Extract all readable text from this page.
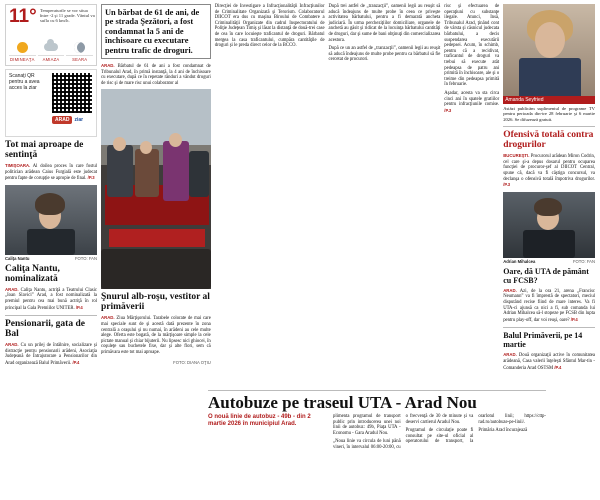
11° Temperaturile se vor situa între -2 şi 11 grade. Vântul va sufla cu 6 km/h.
DIMINEAŢA	AMIAZA	SEARA
Scanaţi QR pentru a avea acces la ziar
ARAD	ziar
Tot mai aproape de sentinţă

TIMIŞOARA. Al doilea proces în care fostul politician arădean Caius Furgială este judecat pentru fapte de corupţie se apropie de final. /P.3

Caliţa Nantu	FOTO: FAN
Caliţa Nantu, nominalizată

ARAD. Caliţa Nantu, actriţă a Teatrului Clasic „Ioan Slavici” Arad, a fost nominalizată la premiul pentru cea mai bună actriţă în rol principal la Gala Premiilor UNITER. /P.4

Pensionarii, gata de Bal

ARAD. Cu un prilej de întâlnire, socializare şi distracţie pentru pensionarii arădeni, Asociaţia Judeţeană de Întrajutorare a Pensionarilor din Arad organizează Balul Primăverii. /P.4

Un bărbat de 61 de ani, de pe strada Şezători, a fost condamnat la 5 ani de închisoare cu executare pentru trafic de droguri.

ARAD. Bărbatul de 61 de ani a fost condamnat de Tribunalul Arad, în primă instanţă, la 4 ani de închisoare cu executare, după ce în repetate rânduri a vândut droguri de risc şi de mare risc unui colaborator al

Şnurul alb-roşu, vestitor al primăverii

ARAD. Ziua Mărţişorului. Tarabele colorate de mai care mai speciale sunt de şi acestă dată prezente în zona centrală a oraşului şi nu numai, în arădeni au cele multe alege. Oferta este bogată, de la mărţişoare simple la cele pictate manual şi chiar bijuterii. Nu lipsesc nici ghiocei, în coşuleţe sau buchetele fixe, dar şi alte flori, sem că primăvara este tot mai aproape.

FOTO: DIANA OŢIU

Direcţiei de Investigare a Infracţionalităţii Infracţiunilor de Criminalitate Organizată şi Terorism. Colaboratorul DIICOT era dus cu maşina Biroului de Combatere a Criminalităţii Organizate din cadrul Inspectoratului de Poliţie Judeţean Timiş şi lăsat la distanţă de două-trei case de cea în care locuieşte traficantul de droguri. Bărbatul mergea la casa traficantului, cumpăra cantităţile de droguri şi le preda direct celor de la BCCO.

După trei astfel de „tranzacţii”, oamenii legii au reuşit să aducă îndeajuns de multe probe în ceea ce priveşte activitatea bărbatului, pentru a fi demarată ancheta judiciară. În urma percheziţiilor domiciliare, organele de anchetă au găsit şi ridicat de la locuinţa bărbatului cantităţi de droguri, dar şi sume de bani obţinuţi din comercializarea acestora.

După ce un an astfel de „tranzacţii”, oamenii legii au reuşit să aducă îndeajuns de multe probe pentru ca bărbatul să fie cercetat de procurori.

risc şi efectuarea de operaţiuni cu substanţe ilegale. Atunci, Insă, Tribunalul Arad, ţinând cont de vârsta şi căsnicul judecata bărbatului, a decis suspendarea executării pedepsei. Acum, în schimb, pentru că a recidivat, traficantul de droguri va trebui să execute atât pedeapsa de patru ani primită în închisoare, ale şi o treime din pedeapsa primită în februarie.

Aşadar, acesta va sta circa cinci ani în spatele gratiilor pentru infracţiunile comise. /P.3

Amanda Seyfried

Astăzi publicăm suplimentul de programe TV pentru perioada din-tre 28 februarie şi 6 martie 2026. Se difuzează gratuit.

Ofensivă totală contra drogurilor

BUCUREŞTI. Procurorul arădean Miron Codrin, cel care şi-a depus dosarul pentru ocuparea funcţiei de procuror-şef al DIICOT Central, spune că, dacă va fi câştiga concursul, va declanşa o ofensivă totală împotriva drogurilor. /P.3

Adrian Mihalcea	FOTO: FAN
Oare, dă UTA de pământ cu FCSB?

ARAD. Azi, de la ora 21, arena „Francisc Neumann” va fi împrestă de spectatori, meciul disputând recise fiind de mare interes. Va fi UTA-ci ajunsă ca nici a fi, sub comanda lui Adrian Mihalcea să-l stopeze pe FCSB din lupta pentru play-off, dar voi reuşi, oare? /P.4

Balul Primăverii, pe 14 martie

ARAD. Două organizaţii active în comunitatea arădeană, Casa valerii înţeleşti Sfântul Mar-tin - Comanderia Arad OSTSM /P.4

Autobuze pe traseul UTA - Arad Nou
O nouă linie de autobuz - 49b - din 2 martie 2026 în municipiul Arad.

plimenta programul de transport public prin introducerea unei noi linii de autobuz: 49b, Piaţa UTA - Economu - Gara Aradul Nou.

„Noua linie va circula de luni până vineri, în intervalul 06:00-20:00, cu o frecvenţă de 30 de minute şi va deservi cartierul Aradul Nou.

Programul de circulaţie poate fi consultat pe site-ul oficial al operatorului de transport, la orarlotul linii; https://cttp-rad.ro/autobuze-pe-linii/.

Primăria Arad încurajează
